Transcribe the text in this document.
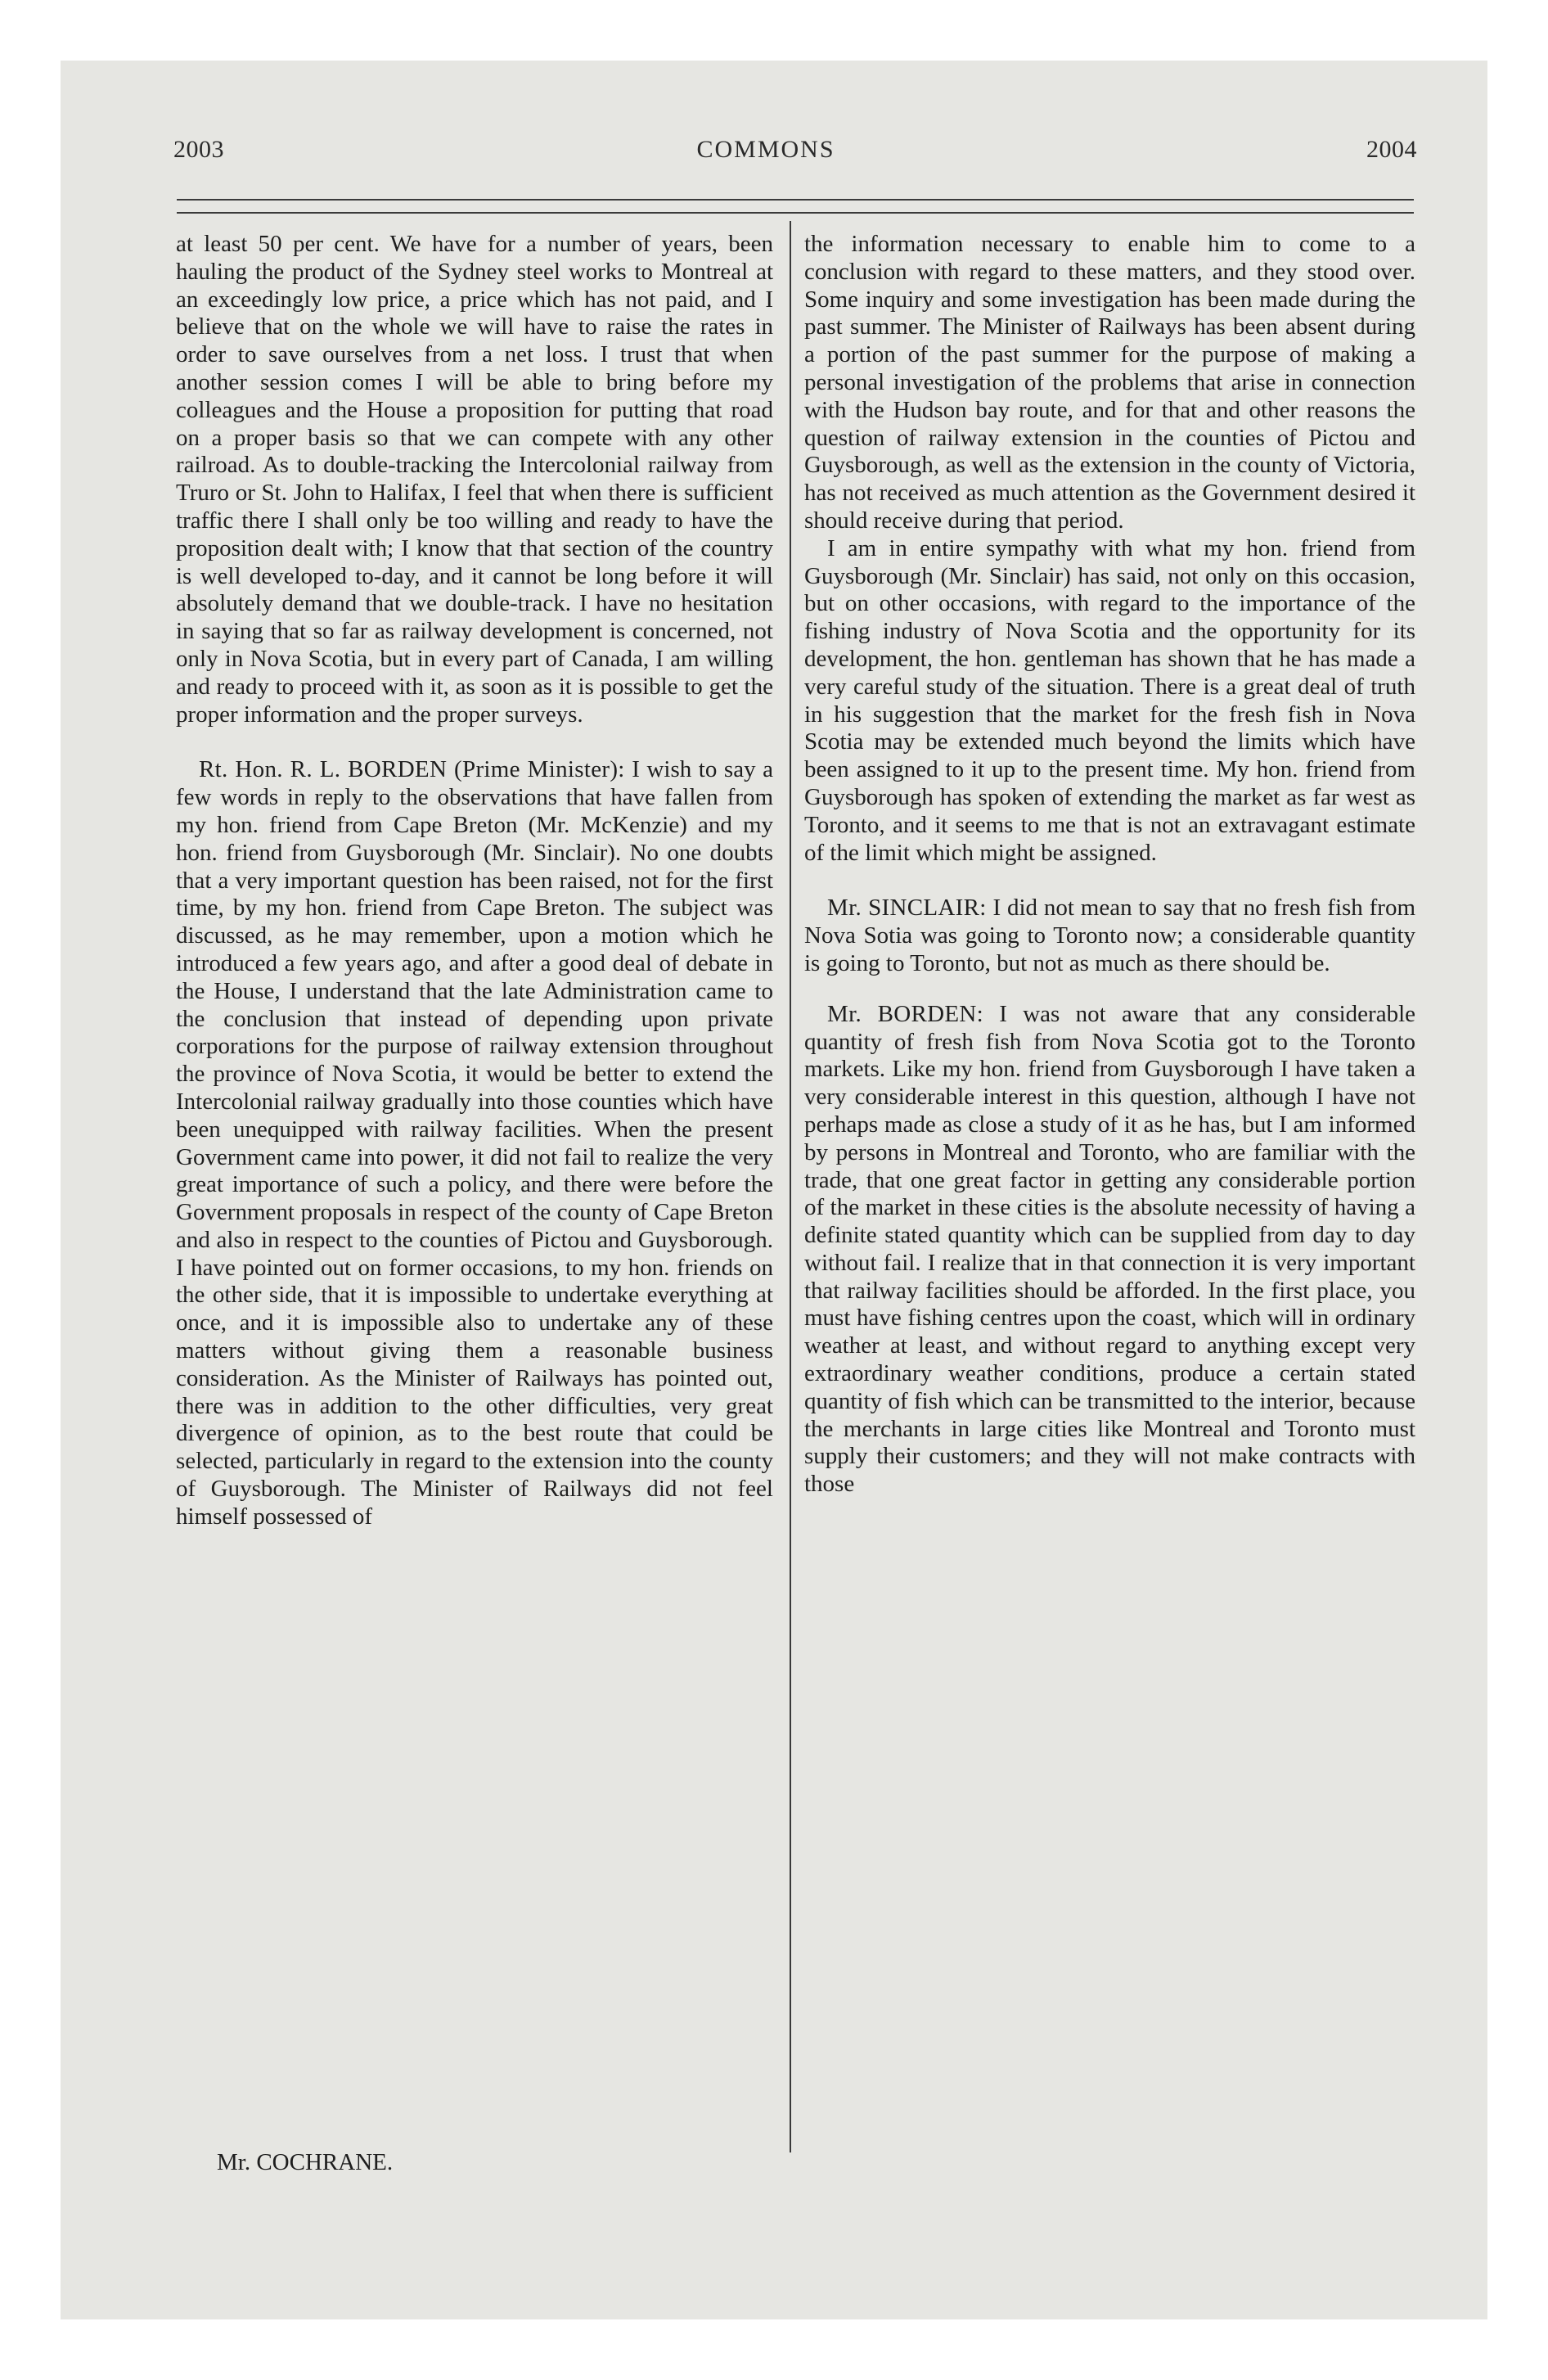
2003	COMMONS	2004

at least 50 per cent. We have for a number of years, been hauling the product of the Sydney steel works to Montreal at an exceedingly low price, a price which has not paid, and I believe that on the whole we will have to raise the rates in order to save ourselves from a net loss. I trust that when another session comes I will be able to bring before my colleagues and the House a proposition for putting that road on a proper basis so that we can compete with any other railroad. As to double-tracking the Intercolonial railway from Truro or St. John to Halifax, I feel that when there is sufficient traffic there I shall only be too willing and ready to have the proposition dealt with; I know that that section of the country is well developed to-day, and it cannot be long before it will absolutely demand that we double-track. I have no hesitation in saying that so far as railway development is concerned, not only in Nova Scotia, but in every part of Canada, I am willing and ready to proceed with it, as soon as it is possible to get the proper information and the proper surveys.

Rt. Hon. R. L. BORDEN (Prime Minister): I wish to say a few words in reply to the observations that have fallen from my hon. friend from Cape Breton (Mr. McKenzie) and my hon. friend from Guysborough (Mr. Sinclair). No one doubts that a very important question has been raised, not for the first time, by my hon. friend from Cape Breton. The subject was discussed, as he may remember, upon a motion which he introduced a few years ago, and after a good deal of debate in the House, I understand that the late Administration came to the conclusion that instead of depending upon private corporations for the purpose of railway extension throughout the province of Nova Scotia, it would be better to extend the Intercolonial railway gradually into those counties which have been unequipped with railway facilities. When the present Government came into power, it did not fail to realize the very great importance of such a policy, and there were before the Government proposals in respect of the county of Cape Breton and also in respect to the counties of Pictou and Guysborough. I have pointed out on former occasions, to my hon. friends on the other side, that it is impossible to undertake everything at once, and it is impossible also to undertake any of these matters without giving them a reasonable business consideration. As the Minister of Railways has pointed out, there was in addition to the other difficulties, very great divergence of opinion, as to the best route that could be selected, particularly in regard to the extension into the county of Guysborough. The Minister of Railways did not feel himself possessed of

Mr. COCHRANE.

the information necessary to enable him to come to a conclusion with regard to these matters, and they stood over. Some inquiry and some investigation has been made during the past summer. The Minister of Railways has been absent during a portion of the past summer for the purpose of making a personal investigation of the problems that arise in connection with the Hudson bay route, and for that and other reasons the question of railway extension in the counties of Pictou and Guysborough, as well as the extension in the county of Victoria, has not received as much attention as the Government desired it should receive during that period.

I am in entire sympathy with what my hon. friend from Guysborough (Mr. Sinclair) has said, not only on this occasion, but on other occasions, with regard to the importance of the fishing industry of Nova Scotia and the opportunity for its development, the hon. gentleman has shown that he has made a very careful study of the situation. There is a great deal of truth in his suggestion that the market for the fresh fish in Nova Scotia may be extended much beyond the limits which have been assigned to it up to the present time. My hon. friend from Guysborough has spoken of extending the market as far west as Toronto, and it seems to me that is not an extravagant estimate of the limit which might be assigned.

Mr. SINCLAIR: I did not mean to say that no fresh fish from Nova Sotia was going to Toronto now; a considerable quantity is going to Toronto, but not as much as there should be.

Mr. BORDEN: I was not aware that any considerable quantity of fresh fish from Nova Scotia got to the Toronto markets. Like my hon. friend from Guysborough I have taken a very considerable interest in this question, although I have not perhaps made as close a study of it as he has, but I am informed by persons in Montreal and Toronto, who are familiar with the trade, that one great factor in getting any considerable portion of the market in these cities is the absolute necessity of having a definite stated quantity which can be supplied from day to day without fail. I realize that in that connection it is very important that railway facilities should be afforded. In the first place, you must have fishing centres upon the coast, which will in ordinary weather at least, and without regard to anything except very extraordinary weather conditions, produce a certain stated quantity of fish which can be transmitted to the interior, because the merchants in large cities like Montreal and Toronto must supply their customers; and they will not make contracts with those
